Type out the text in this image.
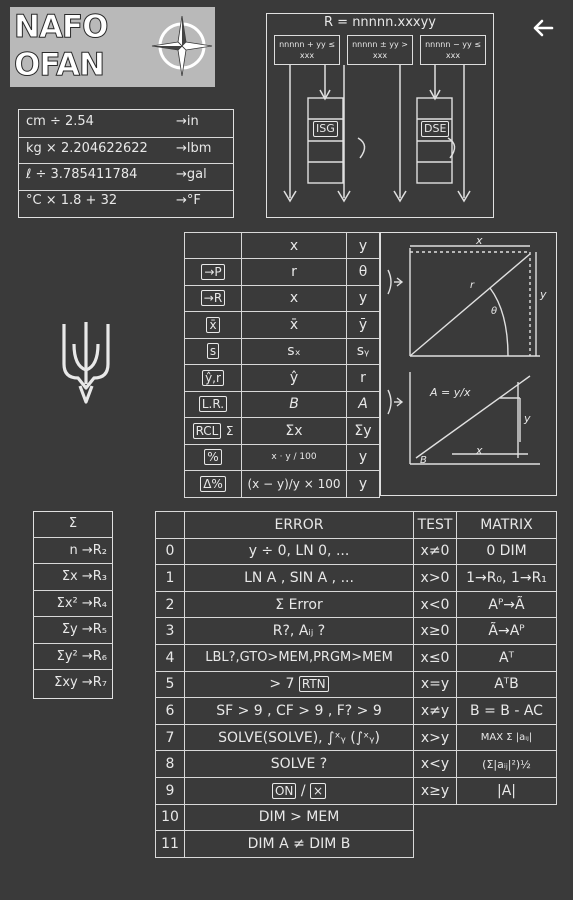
NAFO
OFAN
R = nnnnn.xxxyy
nnnnn + yy ≤ xxx
nnnnn ± yy > xxx
nnnnn − yy ≤ xxx
ISG	DSE
cm ÷ 2.54	→in
kg × 2.204622622 →lbm
ℓ ÷ 3.785411784	→gal
°C × 1.8 + 32	→°F
	x	y
→P	r	θ
→R	x	y
x̄	x̄	ȳ
s	sₓ	sᵧ
ŷ,r	ŷ	r
L.R.	B	A
RCL Σ	Σx	Σy
%	x · y / 100	y
Δ%	(x − y)/y × 100	y
x
y
r
θ
A = y/x
y
x
B
Σ
n →R₂
Σx →R₃
Σx² →R₄
Σy →R₅
Σy² →R₆
Σxy →R₇
	ERROR	TEST	MATRIX
0	y ÷ 0, LN 0, ...	x≠0	0 DIM
1	LN A , SIN A , ...	x>0	1→R₀, 1→R₁
2	Σ Error	x<0	Aᴾ→Ã
3	R?, Aᵢⱼ ?	x≥0	Ã→Aᴾ
4	LBL?,GTO>MEM,PRGM>MEM	x≤0	Aᵀ
5	> 7 RTN	x=y	AᵀB
6	SF > 9 , CF > 9 , F? > 9	x≠y	B = B - AC
7	SOLVE(SOLVE), ∫ˣᵧ (∫ˣᵧ)	x>y	MAX Σ |aᵢⱼ|
8	SOLVE ?	x<y	(Σ|aᵢⱼ|²)½
9	ON / ×	x≥y	|A|
10	DIM > MEM		
11	DIM A ≠ DIM B		
